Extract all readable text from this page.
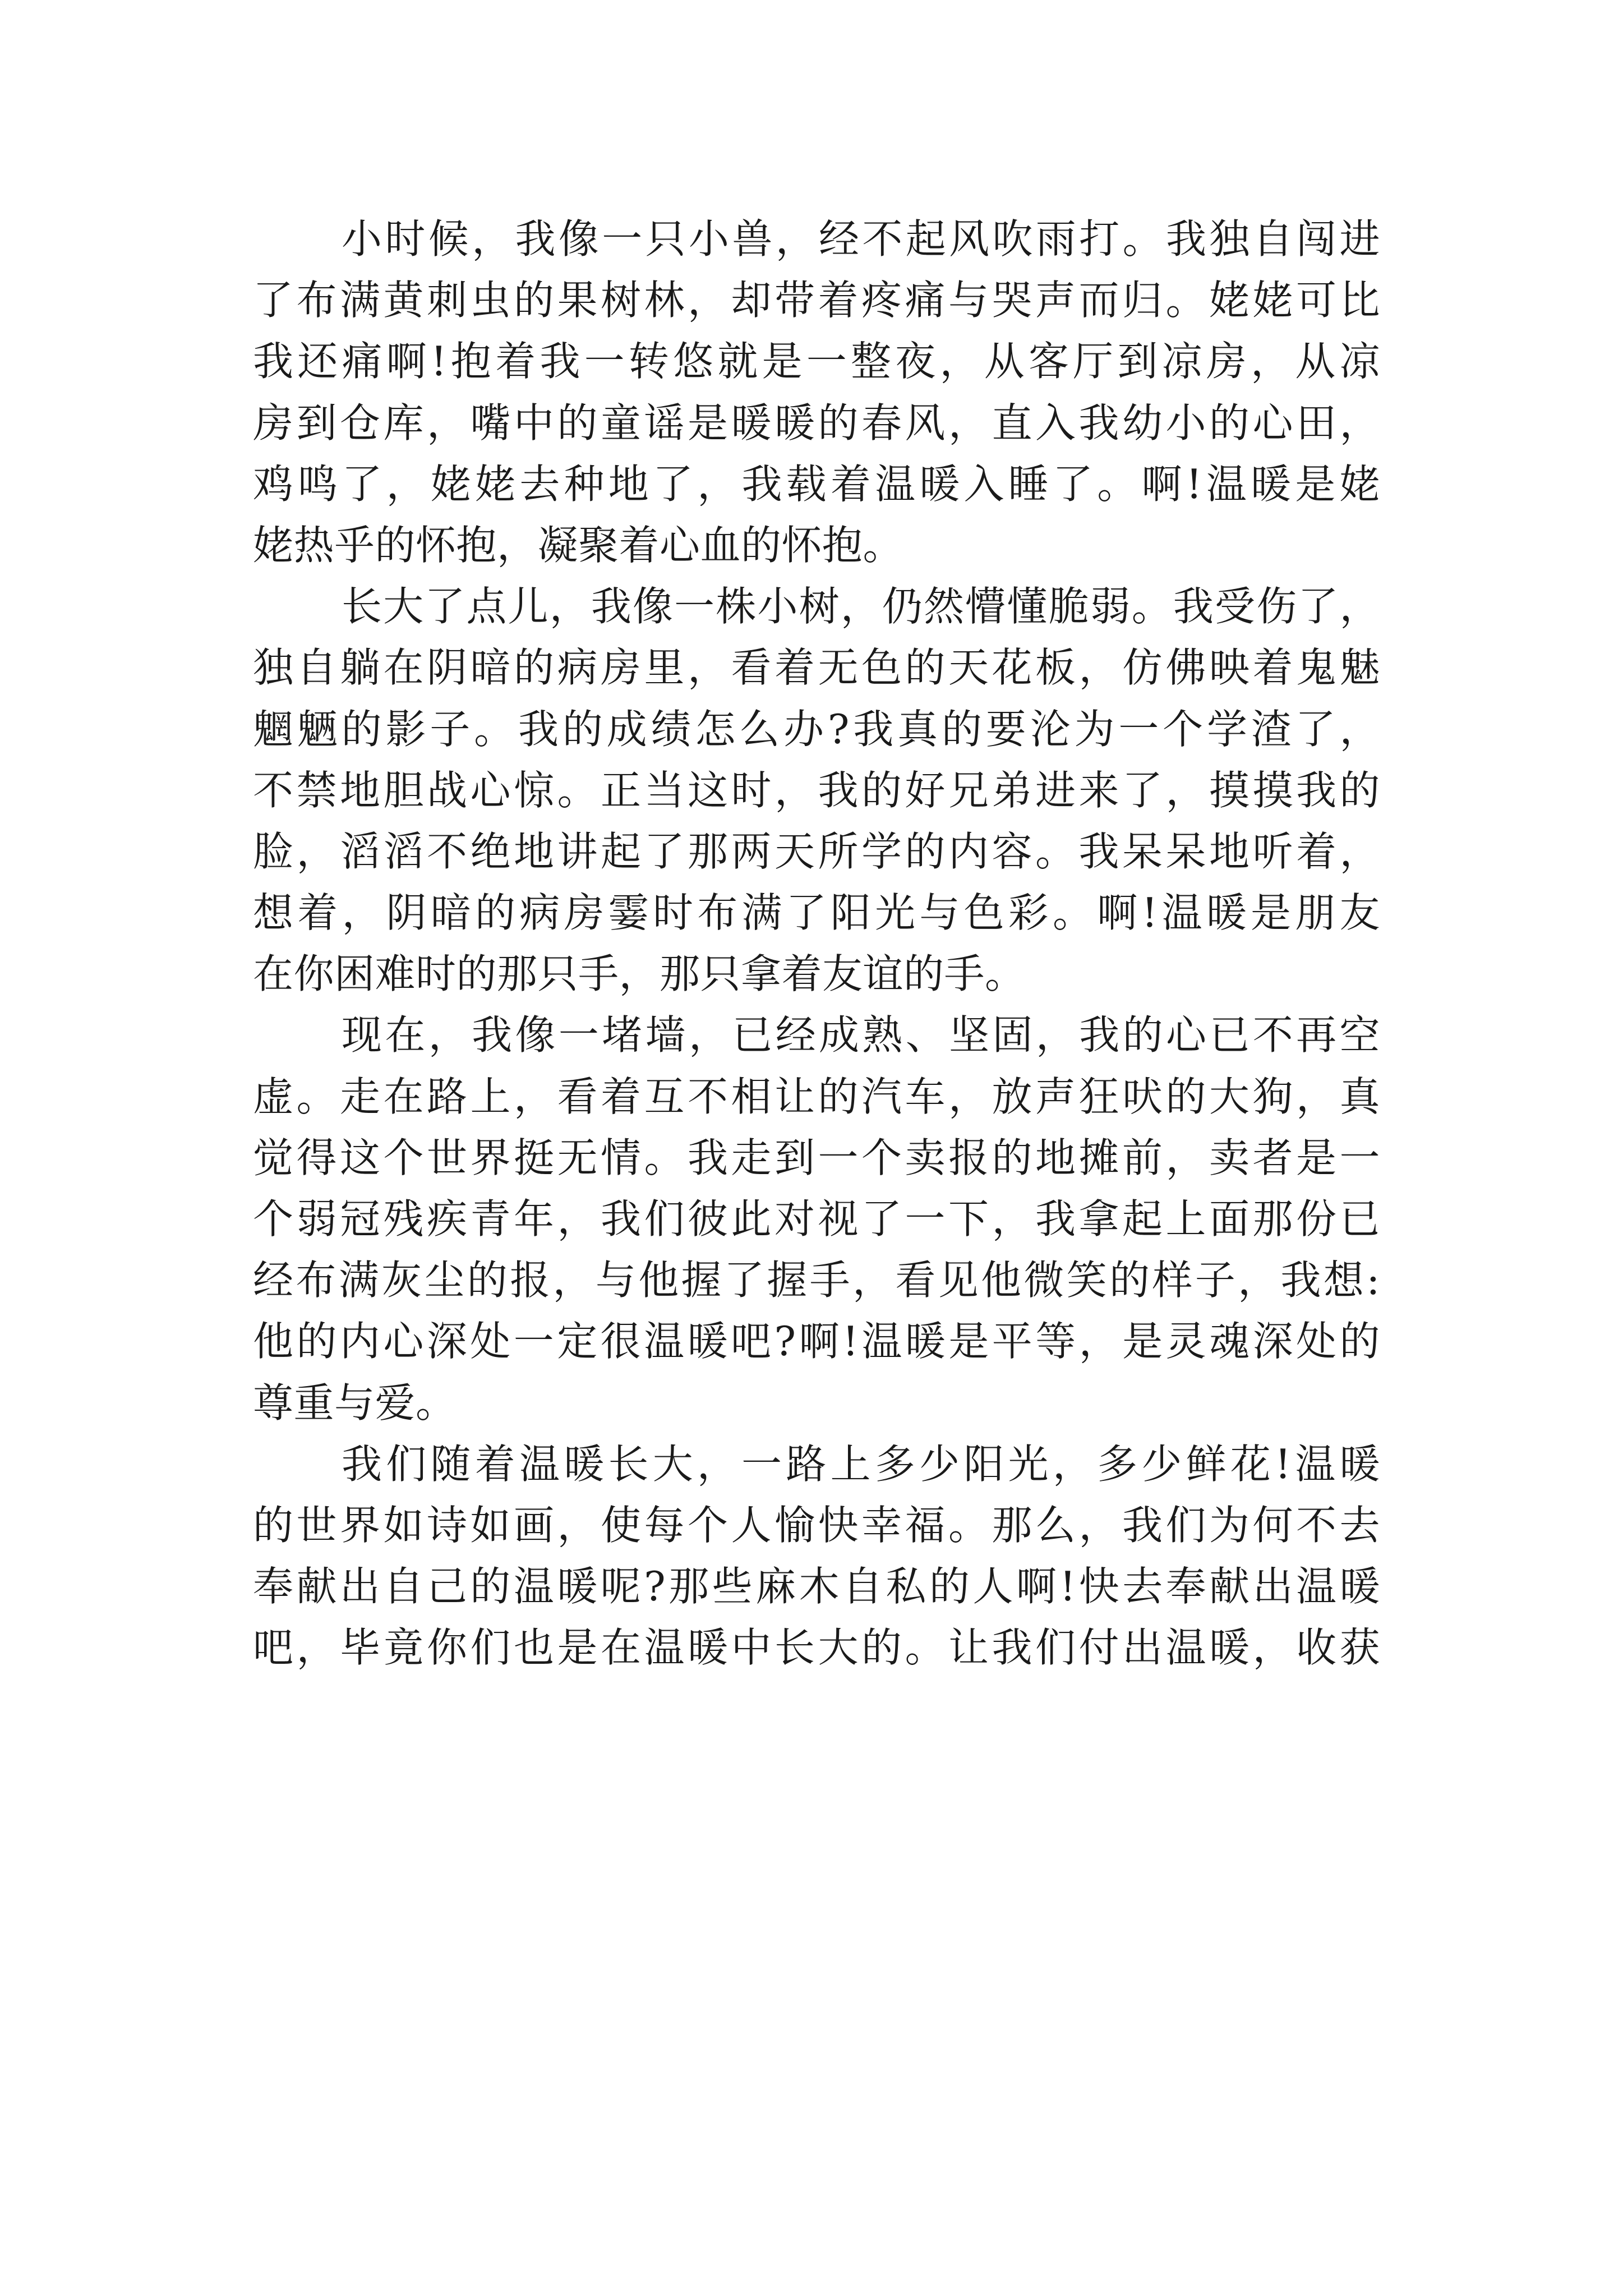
小时候，我像一只小兽，经不起风吹雨打。我独自闯进
了布满黄刺虫的果树林，却带着疼痛与哭声而归。姥姥可比
我还痛啊!抱着我一转悠就是一整夜，从客厅到凉房，从凉
房到仓库，嘴中的童谣是暖暖的春风，直入我幼小的心田，
鸡鸣了，姥姥去种地了，我载着温暖入睡了。啊!温暖是姥
姥热乎的怀抱，凝聚着心血的怀抱。
长大了点儿，我像一株小树，仍然懵懂脆弱。我受伤了，
独自躺在阴暗的病房里，看着无色的天花板，仿佛映着鬼魅
魍魉的影子。我的成绩怎么办?我真的要沦为一个学渣了，
不禁地胆战心惊。正当这时，我的好兄弟进来了，摸摸我的
脸，滔滔不绝地讲起了那两天所学的内容。我呆呆地听着，
想着，阴暗的病房霎时布满了阳光与色彩。啊!温暖是朋友
在你困难时的那只手，那只拿着友谊的手。
现在，我像一堵墙，已经成熟、坚固，我的心已不再空
虚。走在路上，看着互不相让的汽车，放声狂吠的大狗，真
觉得这个世界挺无情。我走到一个卖报的地摊前，卖者是一
个弱冠残疾青年，我们彼此对视了一下，我拿起上面那份已
经布满灰尘的报，与他握了握手，看见他微笑的样子，我想:
他的内心深处一定很温暖吧?啊!温暖是平等，是灵魂深处的
尊重与爱。
我们随着温暖长大，一路上多少阳光，多少鲜花!温暖
的世界如诗如画，使每个人愉快幸福。那么，我们为何不去
奉献出自己的温暖呢?那些麻木自私的人啊!快去奉献出温暖
吧，毕竟你们也是在温暖中长大的。让我们付出温暖，收获
